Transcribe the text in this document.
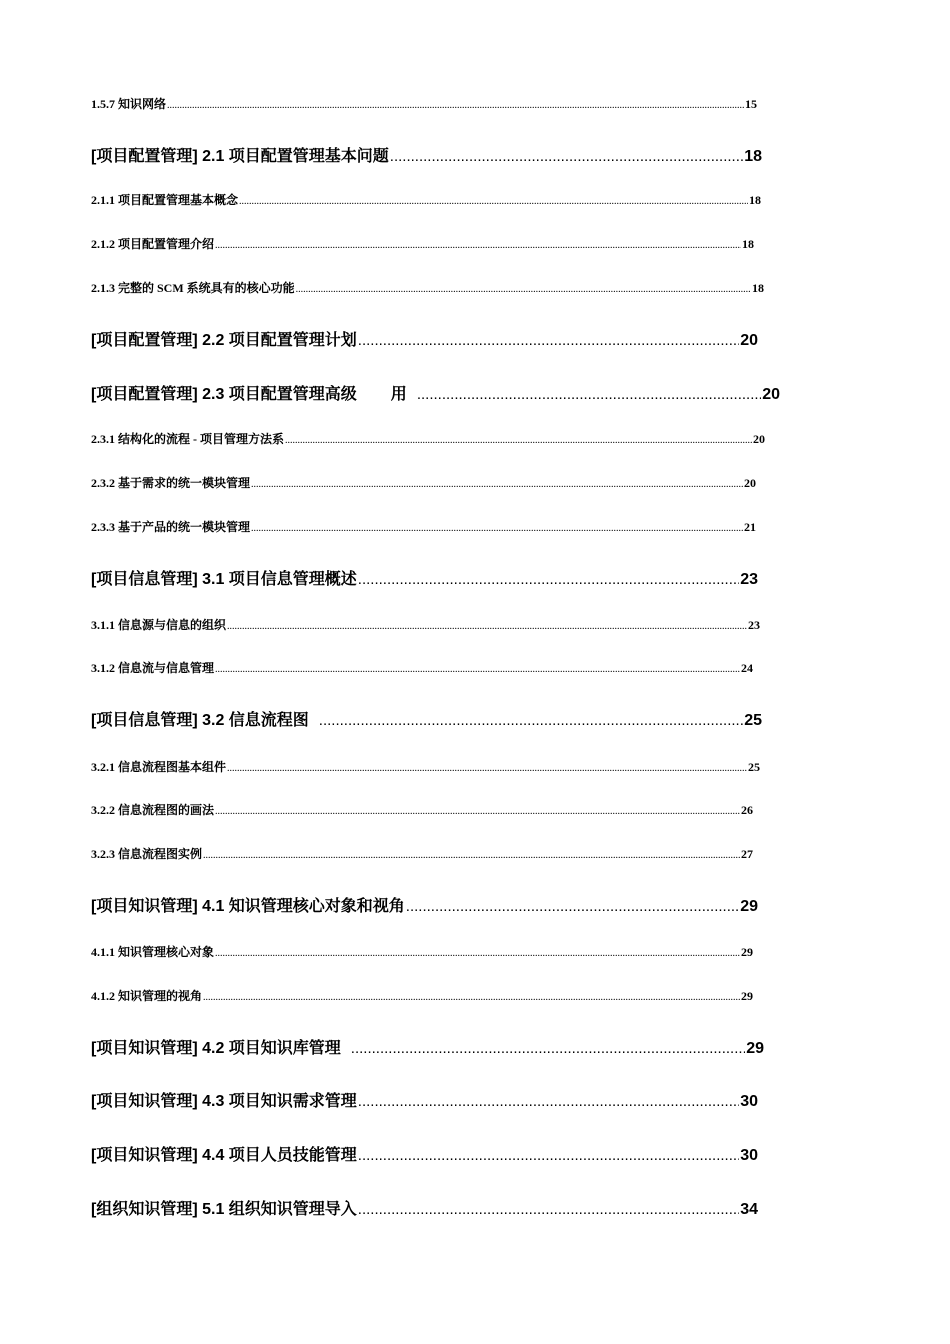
1.5.7 知识网络 .....	15
[项目配置管理] 2.1 项目配置管理基本问题 .....	18
2.1.1 项目配置管理基本概念 .....	18
2.1.2 项目配置管理介绍 .....	18
2.1.3 完整的 SCM 系统具有的核心功能 .....	18
[项目配置管理] 2.2 项目配置管理计划 .....	20
[项目配置管理] 2.3 项目配置管理高级 用 .....	20
2.3.1 结构化的流程 - 项目管理方法系 .....	20
2.3.2 基于需求的统一模块管理 .....	20
2.3.3 基于产品的统一模块管理 .....	21
[项目信息管理] 3.1 项目信息管理概述 .....	23
3.1.1 信息源与信息的组织 .....	23
3.1.2 信息流与信息管理 .....	24
[项目信息管理] 3.2 信息流程图 .....	25
3.2.1 信息流程图基本组件 .....	25
3.2.2 信息流程图的画法 .....	26
3.2.3 信息流程图实例 .....	27
[项目知识管理] 4.1 知识管理核心对象和视角 .....	29
4.1.1 知识管理核心对象 .....	29
4.1.2 知识管理的视角 .....	29
[项目知识管理] 4.2 项目知识库管理 .....	29
[项目知识管理] 4.3 项目知识需求管理 .....	30
[项目知识管理] 4.4 项目人员技能管理 .....	30
[组织知识管理] 5.1 组织知识管理导入 .....	34
